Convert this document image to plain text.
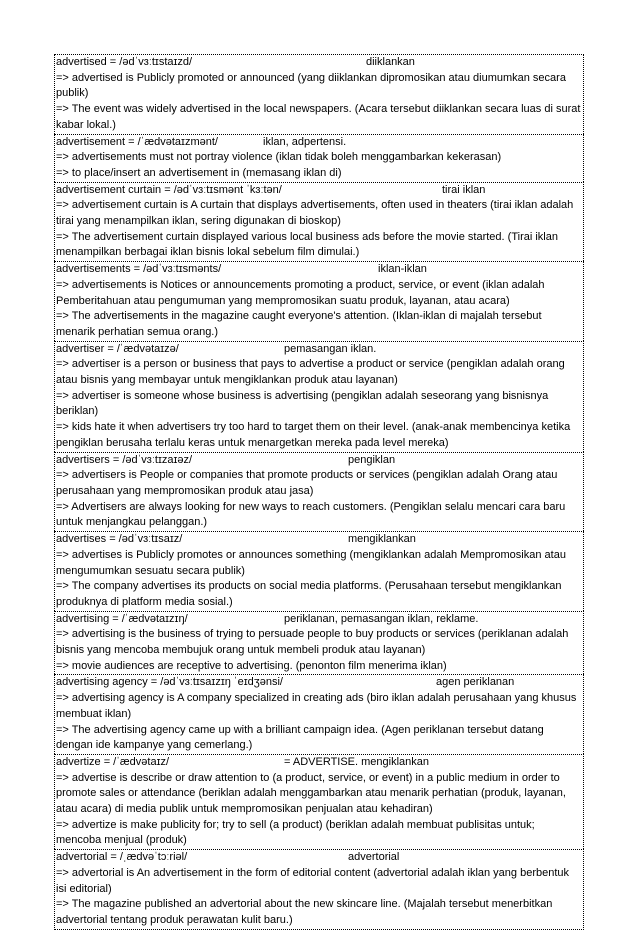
advertised = /ədˈvɜːtɪstaɪzd/	diiklankan

=> advertised is Publicly promoted or announced (yang diiklankan dipromosikan atau diumumkan secara publik)

=> The event was widely advertised in the local newspapers. (Acara tersebut diiklankan secara luas di surat kabar lokal.)

advertisement = /ˈædvətaɪzmənt/	iklan, adpertensi.

=> advertisements must not portray violence (iklan tidak boleh menggambarkan kekerasan)

=> to place/insert an advertisement in (memasang iklan di)

advertisement curtain = /ədˈvɜːtɪsmənt ˈkɜːtən/	tirai iklan

=> advertisement curtain is A curtain that displays advertisements, often used in theaters (tirai iklan adalah tirai yang menampilkan iklan, sering digunakan di bioskop)

=> The advertisement curtain displayed various local business ads before the movie started. (Tirai iklan menampilkan berbagai iklan bisnis lokal sebelum film dimulai.)

advertisements = /ədˈvɜːtɪsmənts/	iklan-iklan

=> advertisements is Notices or announcements promoting a product, service, or event (iklan adalah Pemberitahuan atau pengumuman yang mempromosikan suatu produk, layanan, atau acara)

=> The advertisements in the magazine caught everyone's attention. (Iklan-iklan di majalah tersebut menarik perhatian semua orang.)

advertiser = /ˈædvətaɪzə/	pemasangan iklan.

=> advertiser is a person or business that pays to advertise a product or service (pengiklan adalah orang atau bisnis yang membayar untuk mengiklankan produk atau layanan)

=> advertiser is someone whose business is advertising (pengiklan adalah seseorang yang bisnisnya beriklan)

=> kids hate it when advertisers try too hard to target them on their level. (anak-anak membencinya ketika pengiklan berusaha terlalu keras untuk menargetkan mereka pada level mereka)

advertisers = /ədˈvɜːtɪzaɪəz/	pengiklan

=> advertisers is People or companies that promote products or services (pengiklan adalah Orang atau perusahaan yang mempromosikan produk atau jasa)

=> Advertisers are always looking for new ways to reach customers. (Pengiklan selalu mencari cara baru untuk menjangkau pelanggan.)

advertises = /ədˈvɜːtɪsaɪz/	mengiklankan

=> advertises is Publicly promotes or announces something (mengiklankan adalah Mempromosikan atau mengumumkan sesuatu secara publik)

=> The company advertises its products on social media platforms. (Perusahaan tersebut mengiklankan produknya di platform media sosial.)

advertising = /ˈædvətaɪzɪŋ/	periklanan, pemasangan iklan, reklame.

=> advertising is the business of trying to persuade people to buy products or services (periklanan adalah bisnis yang mencoba membujuk orang untuk membeli produk atau layanan)

=> movie audiences are receptive to advertising. (penonton film menerima iklan)

advertising agency = /ədˈvɜːtɪsaɪzɪŋ ˈeɪdʒənsi/	agen periklanan

=> advertising agency is A company specialized in creating ads (biro iklan adalah perusahaan yang khusus membuat iklan)

=> The advertising agency came up with a brilliant campaign idea. (Agen periklanan tersebut datang dengan ide kampanye yang cemerlang.)

advertize = /ˈædvətaɪz/	= ADVERTISE. mengiklankan

=> advertise is describe or draw attention to (a product, service, or event) in a public medium in order to promote sales or attendance (beriklan adalah menggambarkan atau menarik perhatian (produk, layanan, atau acara) di media publik untuk mempromosikan penjualan atau kehadiran)

=> advertize is make publicity for; try to sell (a product) (beriklan adalah membuat publisitas untuk; mencoba menjual (produk)

advertorial = /ˌædvəˈtɔːriəl/	advertorial

=> advertorial is An advertisement in the form of editorial content (advertorial adalah iklan yang berbentuk isi editorial)

=> The magazine published an advertorial about the new skincare line. (Majalah tersebut menerbitkan advertorial tentang produk perawatan kulit baru.)
